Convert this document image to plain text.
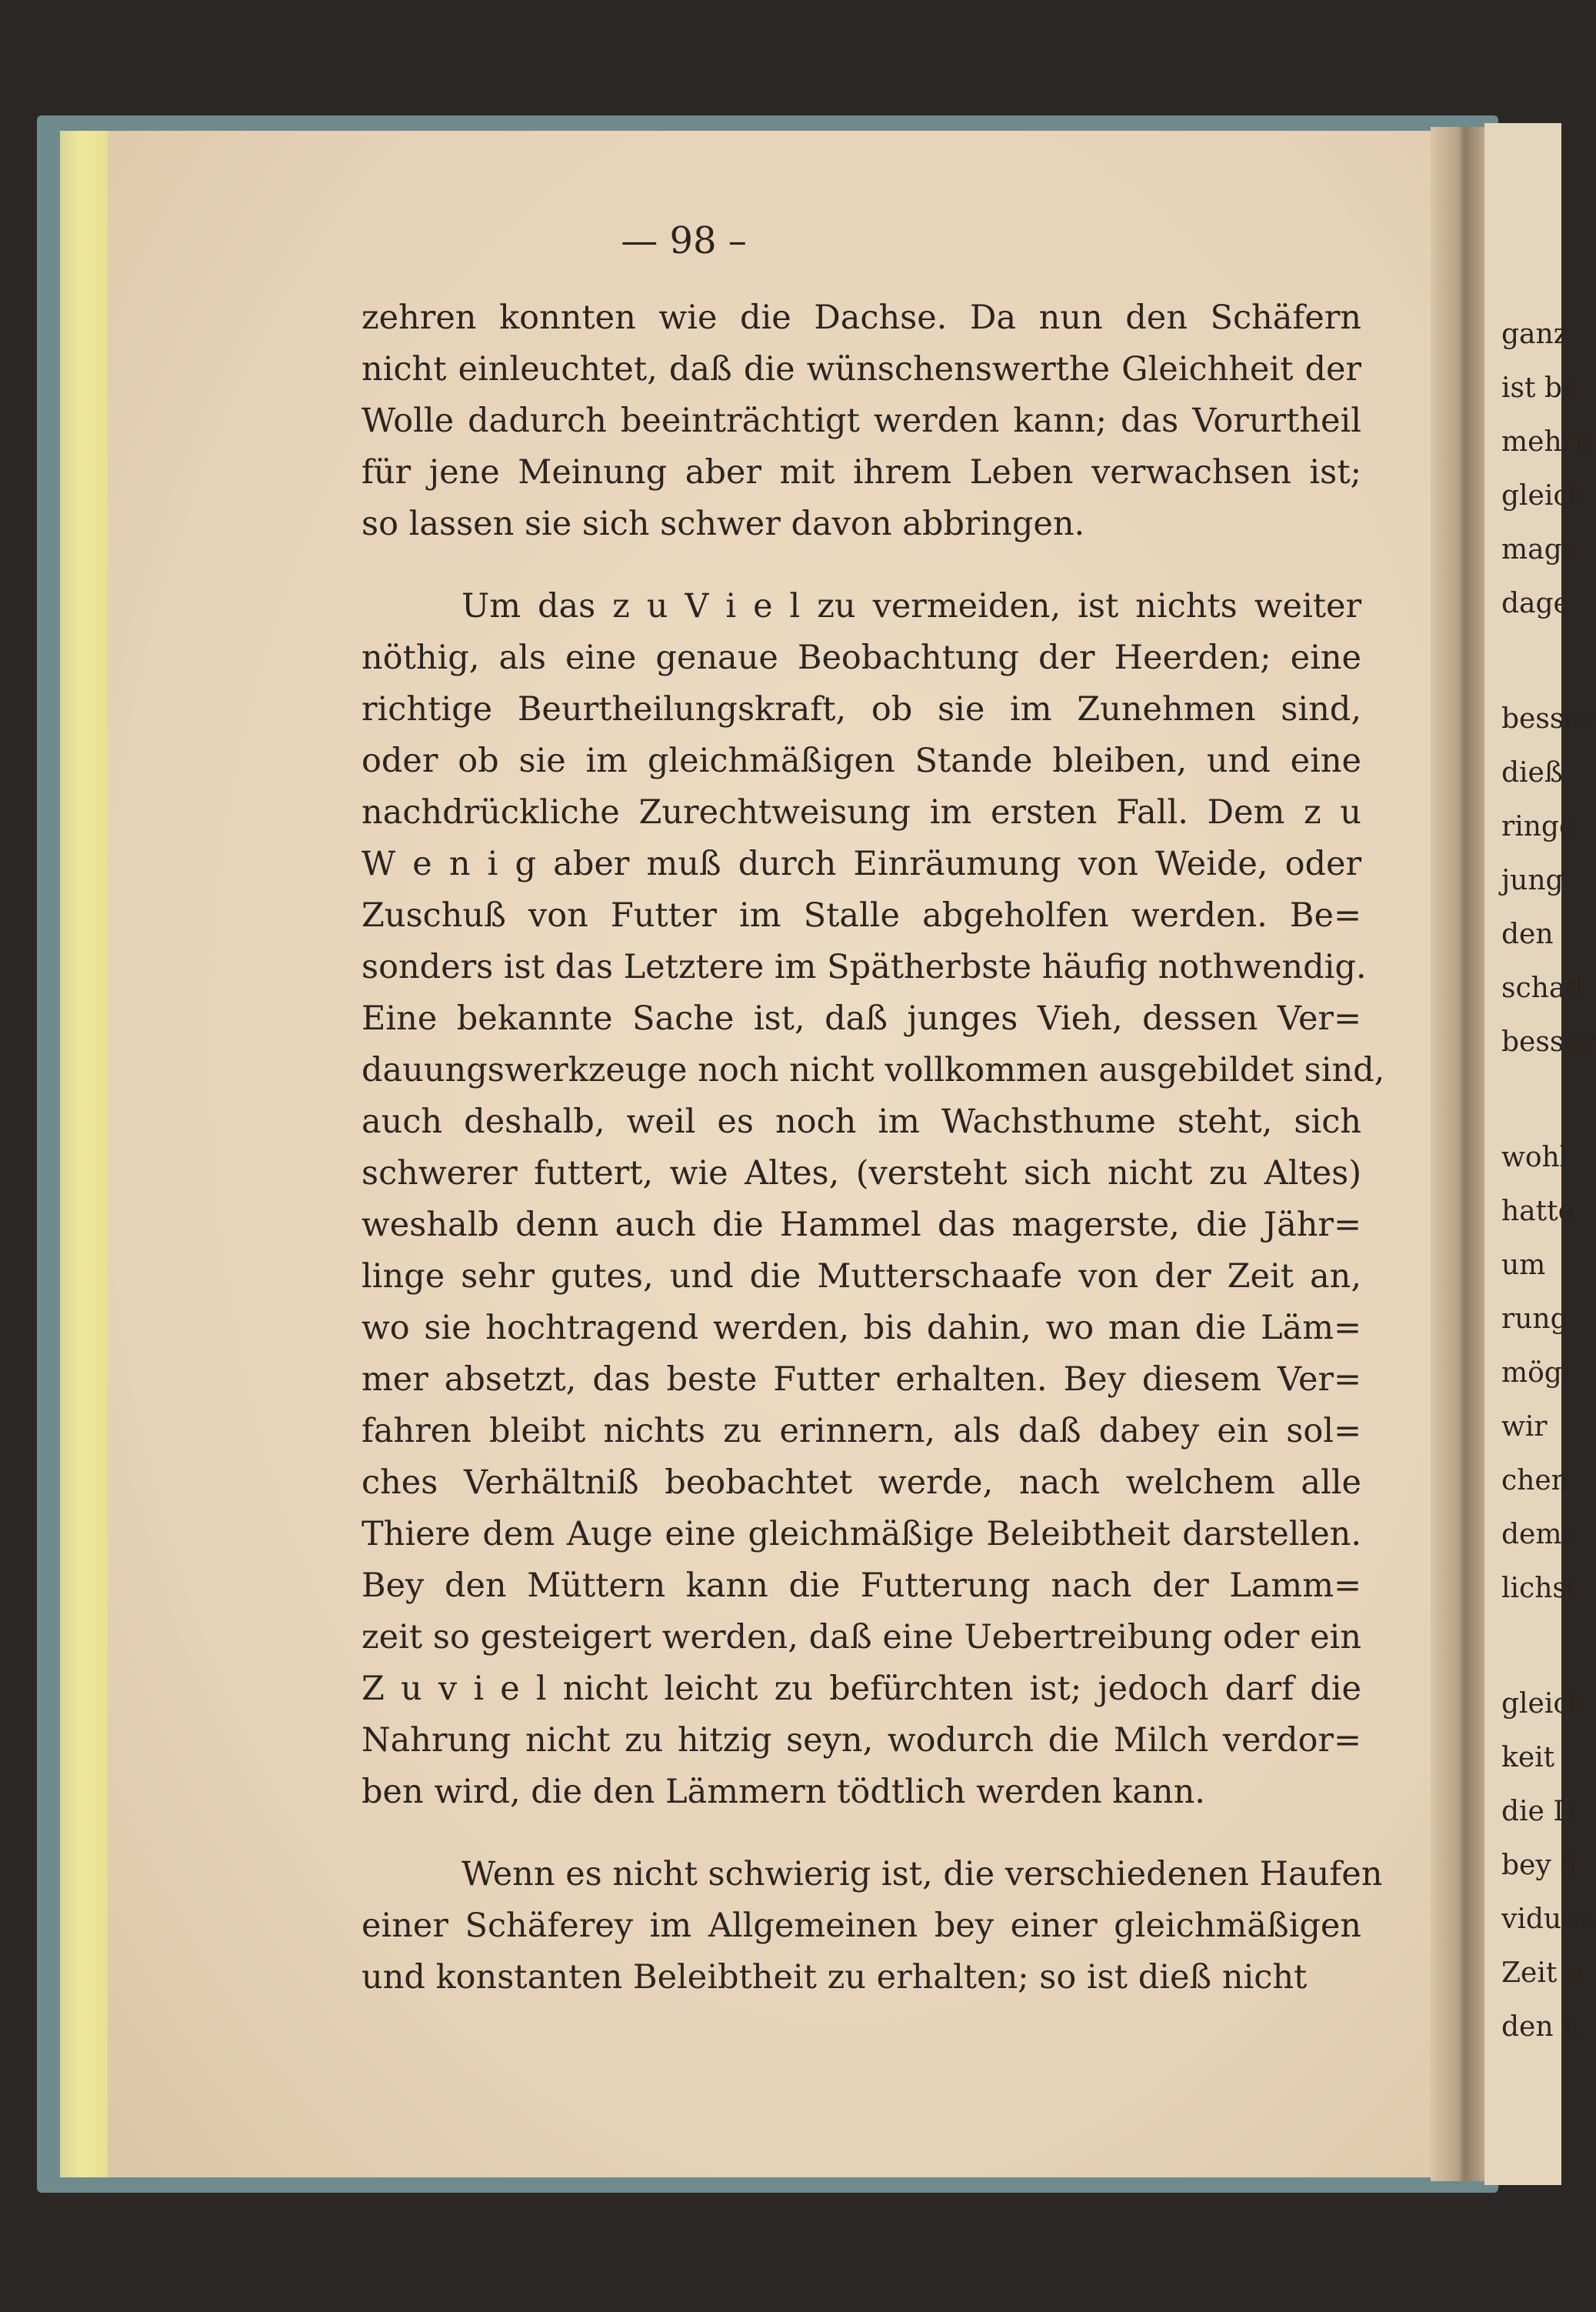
ganz
ist be
mehre
gleich
mage
dage
besser
dieß
ringe
jung
den
schad
besser
wohl
hatte
um
rung
mögl
wir
chen
demo
lichst
gleich
keit
die D
bey d
viduen
Zeit u
den L
— 98 –
zehren konnten wie die Dachse. Da nun den Schäfern
nicht einleuchtet, daß die wünschenswerthe Gleichheit der
Wolle dadurch beeinträchtigt werden kann; das Vorurtheil
für jene Meinung aber mit ihrem Leben verwachsen ist;
so lassen sie sich schwer davon abbringen.
Um das z u V i e l zu vermeiden, ist nichts weiter
nöthig, als eine genaue Beobachtung der Heerden; eine
richtige Beurtheilungskraft, ob sie im Zunehmen sind,
oder ob sie im gleichmäßigen Stande bleiben, und eine
nachdrückliche Zurechtweisung im ersten Fall. Dem z u
W e n i g aber muß durch Einräumung von Weide, oder
Zuschuß von Futter im Stalle abgeholfen werden. Be=
sonders ist das Letztere im Spätherbste häufig nothwendig.
Eine bekannte Sache ist, daß junges Vieh, dessen Ver=
dauungswerkzeuge noch nicht vollkommen ausgebildet sind,
auch deshalb, weil es noch im Wachsthume steht, sich
schwerer futtert, wie Altes, (versteht sich nicht zu Altes)
weshalb denn auch die Hammel das magerste, die Jähr=
linge sehr gutes, und die Mutterschaafe von der Zeit an,
wo sie hochtragend werden, bis dahin, wo man die Läm=
mer absetzt, das beste Futter erhalten. Bey diesem Ver=
fahren bleibt nichts zu erinnern, als daß dabey ein sol=
ches Verhältniß beobachtet werde, nach welchem alle
Thiere dem Auge eine gleichmäßige Beleibtheit darstellen.
Bey den Müttern kann die Futterung nach der Lamm=
zeit so gesteigert werden, daß eine Uebertreibung oder ein
Z u v i e l nicht leicht zu befürchten ist; jedoch darf die
Nahrung nicht zu hitzig seyn, wodurch die Milch verdor=
ben wird, die den Lämmern tödtlich werden kann.
Wenn es nicht schwierig ist, die verschiedenen Haufen
einer Schäferey im Allgemeinen bey einer gleichmäßigen
und konstanten Beleibtheit zu erhalten; so ist dieß nicht
